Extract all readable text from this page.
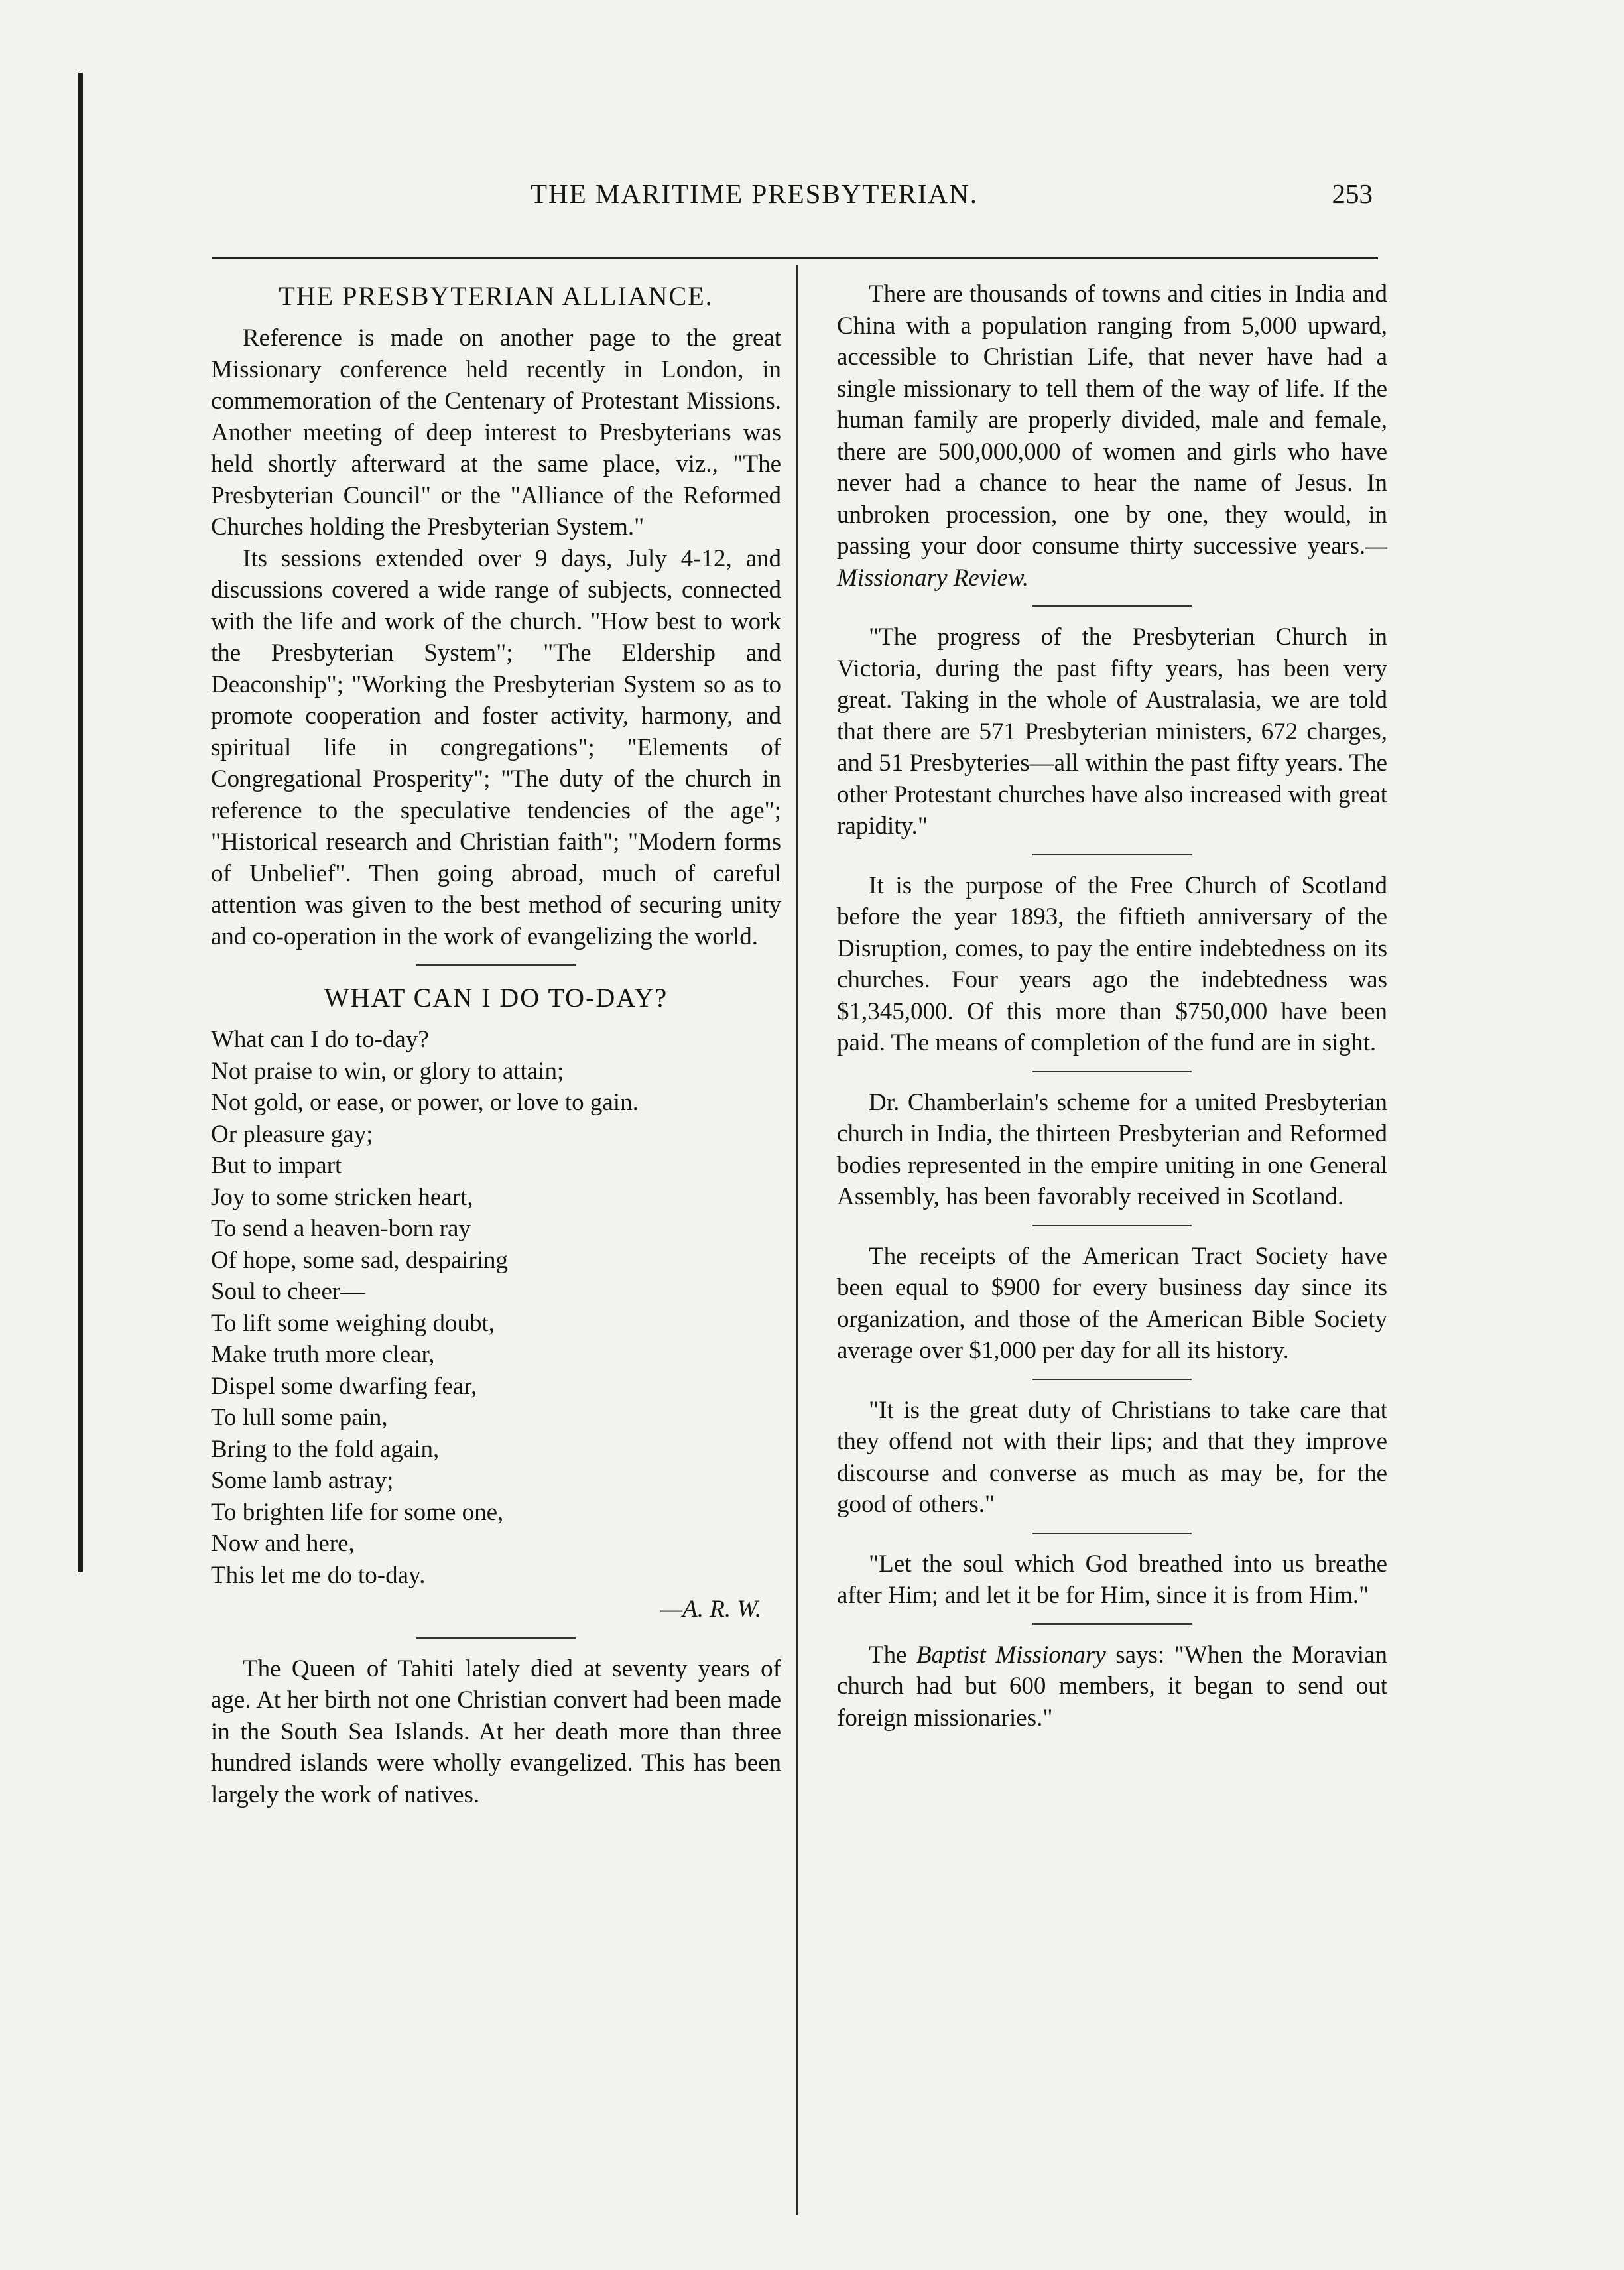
THE MARITIME PRESBYTERIAN.	253
THE PRESBYTERIAN ALLIANCE.

Reference is made on another page to the great Missionary conference held recently in London, in commemoration of the Centenary of Protestant Missions. Another meeting of deep interest to Presbyterians was held shortly afterward at the same place, viz., "The Presbyterian Council" or the "Alliance of the Reformed Churches holding the Presbyterian System."

Its sessions extended over 9 days, July 4-12, and discussions covered a wide range of subjects, connected with the life and work of the church. "How best to work the Presbyterian System"; "The Eldership and Deaconship"; "Working the Presbyterian System so as to promote cooperation and foster activity, harmony, and spiritual life in congregations"; "Elements of Congregational Prosperity"; "The duty of the church in reference to the speculative tendencies of the age"; "Historical research and Christian faith"; "Modern forms of Unbelief". Then going abroad, much of careful attention was given to the best method of securing unity and co-operation in the work of evangelizing the world.

WHAT CAN I DO TO-DAY?
What can I do to-day?
Not praise to win, or glory to attain;
Not gold, or ease, or power, or love to gain.
Or pleasure gay;
But to impart
Joy to some stricken heart,
To send a heaven-born ray
Of hope, some sad, despairing
Soul to cheer—
To lift some weighing doubt,
Make truth more clear,
Dispel some dwarfing fear,
To lull some pain,
Bring to the fold again,
Some lamb astray;
To brighten life for some one,
Now and here,
This let me do to-day.
—A. R. W.

The Queen of Tahiti lately died at seventy years of age. At her birth not one Christian convert had been made in the South Sea Islands. At her death more than three hundred islands were wholly evangelized. This has been largely the work of natives.

There are thousands of towns and cities in India and China with a population ranging from 5,000 upward, accessible to Christian Life, that never have had a single missionary to tell them of the way of life. If the human family are properly divided, male and female, there are 500,000,000 of women and girls who have never had a chance to hear the name of Jesus. In unbroken procession, one by one, they would, in passing your door consume thirty successive years.—Missionary Review.

"The progress of the Presbyterian Church in Victoria, during the past fifty years, has been very great. Taking in the whole of Australasia, we are told that there are 571 Presbyterian ministers, 672 charges, and 51 Presbyteries—all within the past fifty years. The other Protestant churches have also increased with great rapidity."

It is the purpose of the Free Church of Scotland before the year 1893, the fiftieth anniversary of the Disruption, comes, to pay the entire indebtedness on its churches. Four years ago the indebtedness was $1,345,000. Of this more than $750,000 have been paid. The means of completion of the fund are in sight.

Dr. Chamberlain's scheme for a united Presbyterian church in India, the thirteen Presbyterian and Reformed bodies represented in the empire uniting in one General Assembly, has been favorably received in Scotland.

The receipts of the American Tract Society have been equal to $900 for every business day since its organization, and those of the American Bible Society average over $1,000 per day for all its history.

"It is the great duty of Christians to take care that they offend not with their lips; and that they improve discourse and converse as much as may be, for the good of others."

"Let the soul which God breathed into us breathe after Him; and let it be for Him, since it is from Him."

The Baptist Missionary says: "When the Moravian church had but 600 members, it began to send out foreign missionaries."
